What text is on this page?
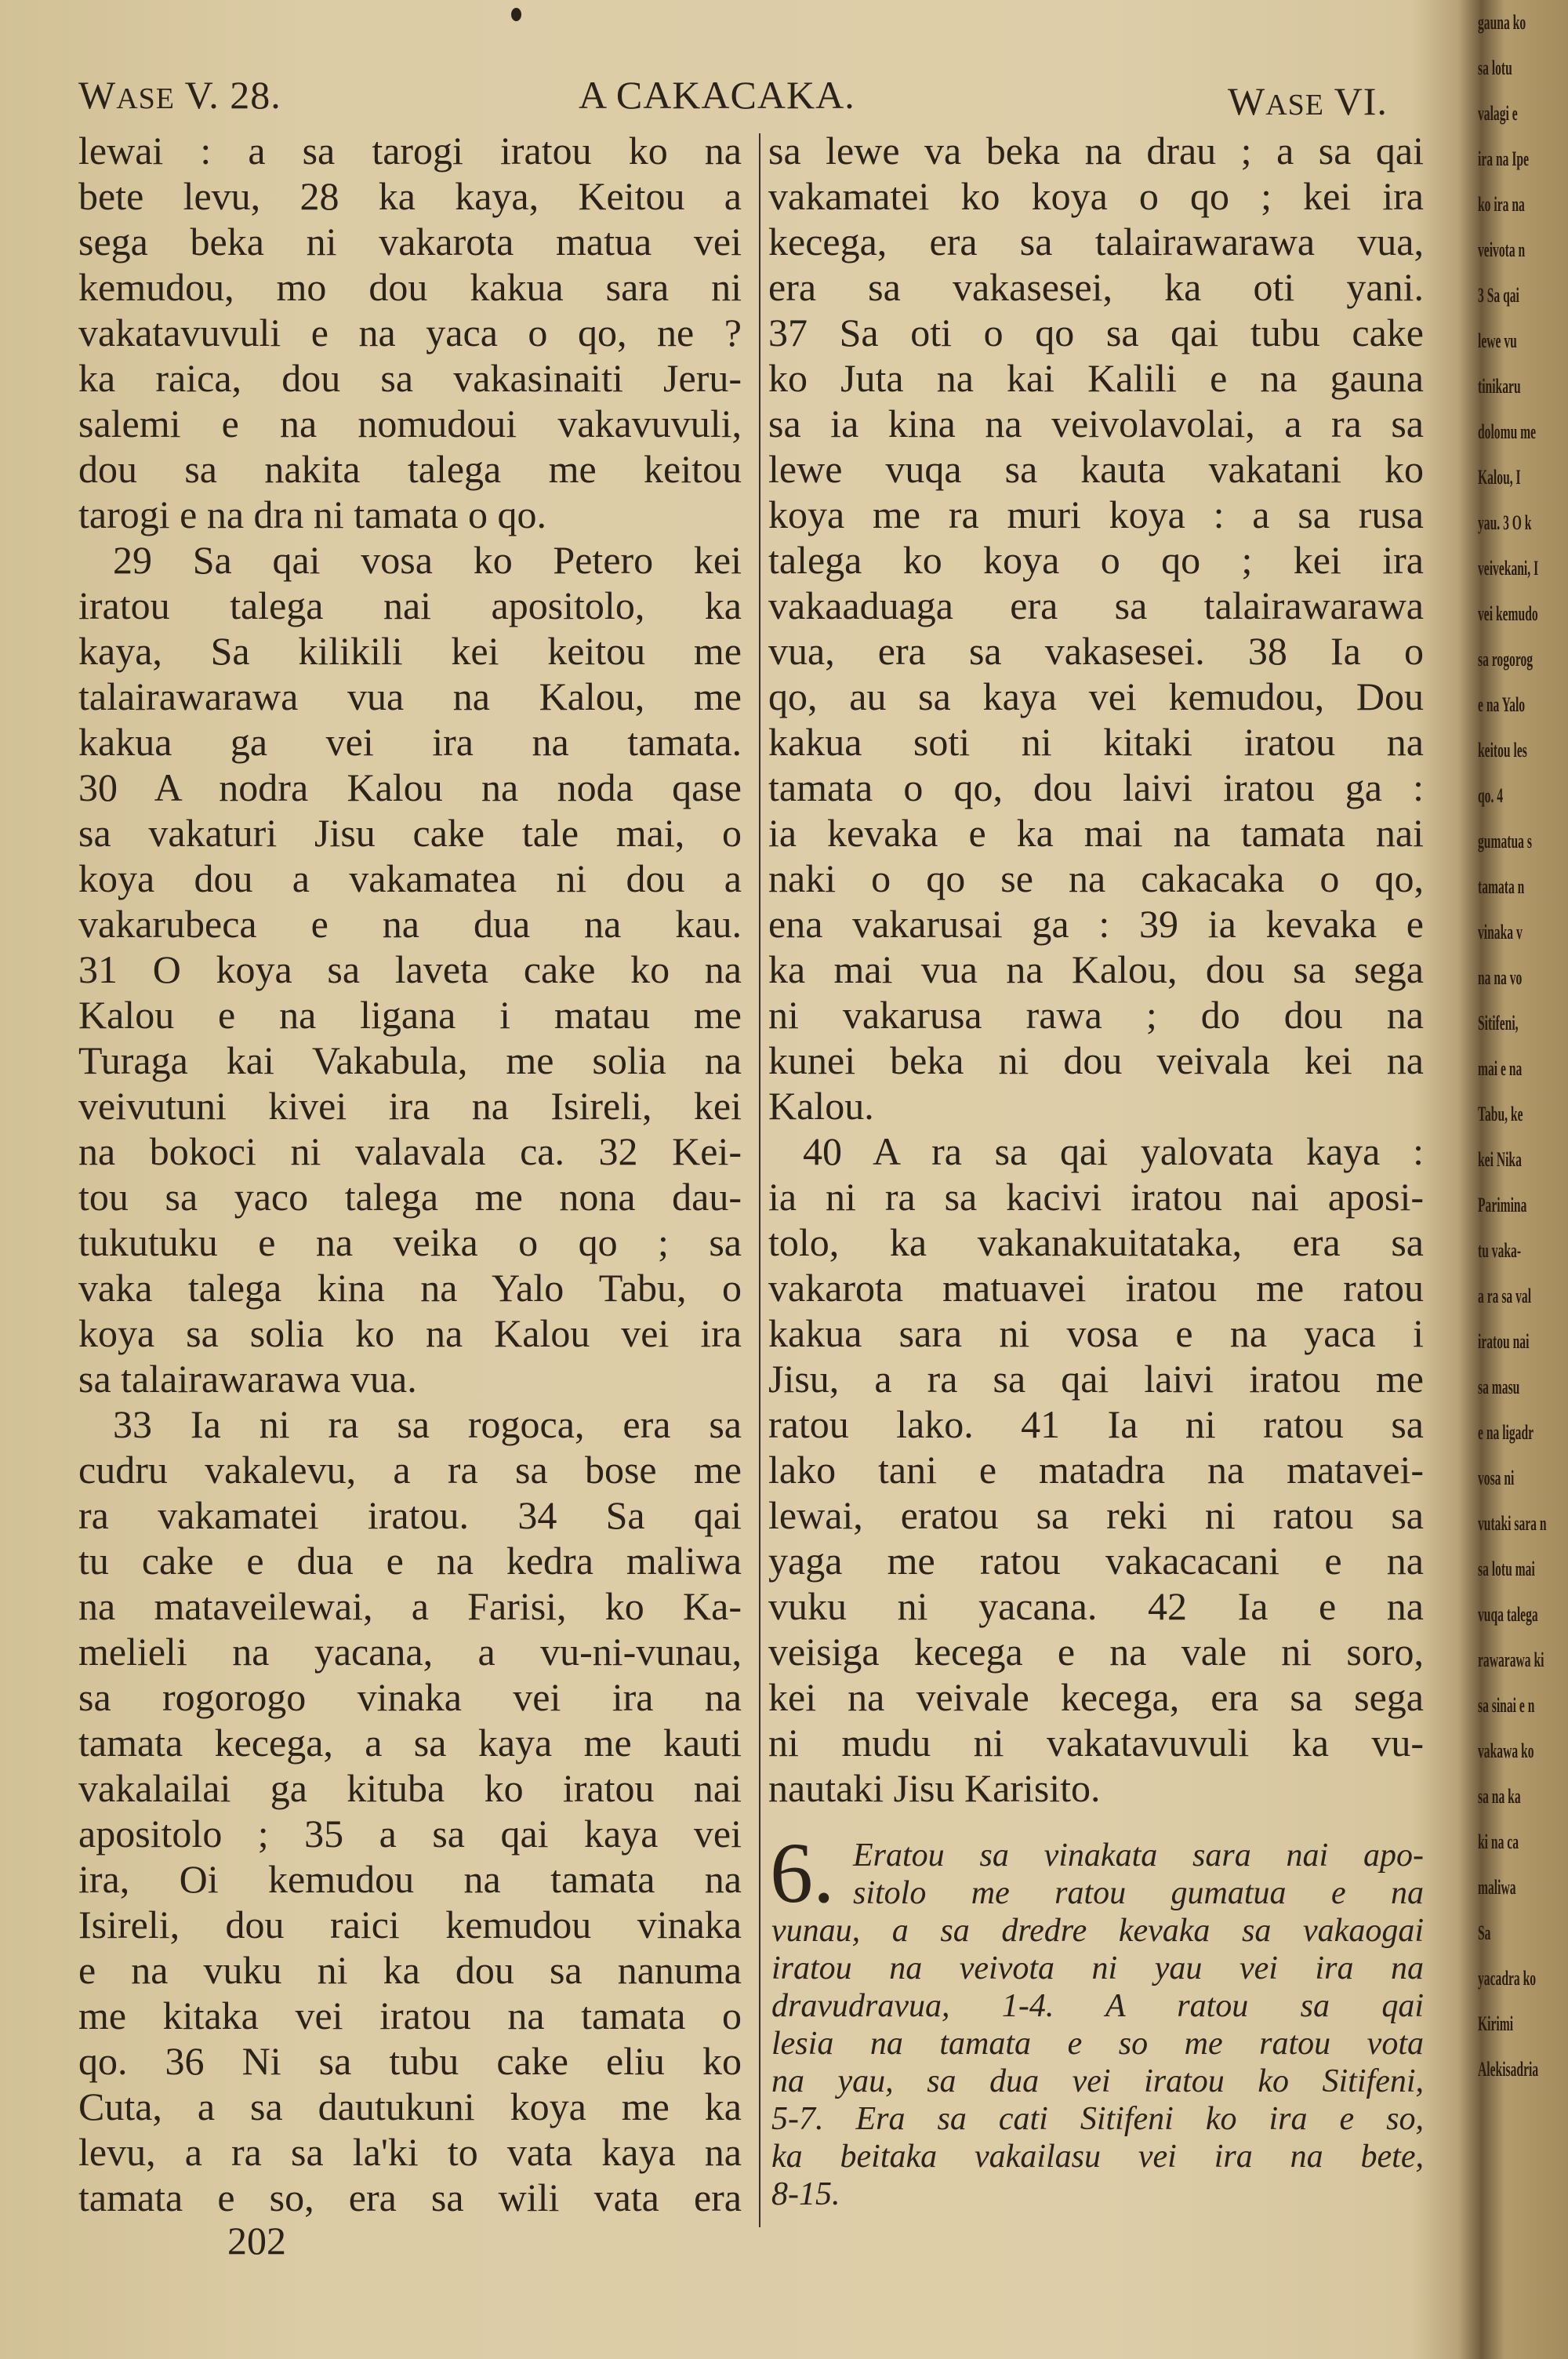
WASE V. 28.	A CAKACAKA.	WASE VI.
lewai : a sa tarogi iratou ko na
bete levu, 28 ka kaya, Keitou a
sega beka ni vakarota matua vei
kemudou, mo dou kakua sara ni
vakatavuvuli e na yaca o qo, ne ?
ka raica, dou sa vakasinaiti Jeru-
salemi e na nomudoui vakavuvuli,
dou sa nakita talega me keitou
tarogi e na dra ni tamata o qo.
29 Sa qai vosa ko Petero kei
iratou talega nai apositolo, ka
kaya, Sa kilikili kei keitou me
talairawarawa vua na Kalou, me
kakua ga vei ira na tamata.
30 A nodra Kalou na noda qase
sa vakaturi Jisu cake tale mai, o
koya dou a vakamatea ni dou a
vakarubeca e na dua na kau.
31 O koya sa laveta cake ko na
Kalou e na ligana i matau me
Turaga kai Vakabula, me solia na
veivutuni kivei ira na Isireli, kei
na bokoci ni valavala ca. 32 Kei-
tou sa yaco talega me nona dau-
tukutuku e na veika o qo ; sa
vaka talega kina na Yalo Tabu, o
koya sa solia ko na Kalou vei ira
sa talairawarawa vua.
33 Ia ni ra sa rogoca, era sa
cudru vakalevu, a ra sa bose me
ra vakamatei iratou. 34 Sa qai
tu cake e dua e na kedra maliwa
na mataveilewai, a Farisi, ko Ka-
melieli na yacana, a vu-ni-vunau,
sa rogorogo vinaka vei ira na
tamata kecega, a sa kaya me kauti
vakalailai ga kituba ko iratou nai
apositolo ; 35 a sa qai kaya vei
ira, Oi kemudou na tamata na
Isireli, dou raici kemudou vinaka
e na vuku ni ka dou sa nanuma
me kitaka vei iratou na tamata o
qo. 36 Ni sa tubu cake eliu ko
Cuta, a sa dautukuni koya me ka
levu, a ra sa la'ki to vata kaya na
tamata e so, era sa wili vata era
sa lewe va beka na drau ; a sa qai
vakamatei ko koya o qo ; kei ira
kecega, era sa talairawarawa vua,
era sa vakasesei, ka oti yani.
37 Sa oti o qo sa qai tubu cake
ko Juta na kai Kalili e na gauna
sa ia kina na veivolavolai, a ra sa
lewe vuqa sa kauta vakatani ko
koya me ra muri koya : a sa rusa
talega ko koya o qo ; kei ira
vakaaduaga era sa talairawarawa
vua, era sa vakasesei. 38 Ia o
qo, au sa kaya vei kemudou, Dou
kakua soti ni kitaki iratou na
tamata o qo, dou laivi iratou ga :
ia kevaka e ka mai na tamata nai
naki o qo se na cakacaka o qo,
ena vakarusai ga : 39 ia kevaka e
ka mai vua na Kalou, dou sa sega
ni vakarusa rawa ; do dou na
kunei beka ni dou veivala kei na
Kalou.
40 A ra sa qai yalovata kaya :
ia ni ra sa kacivi iratou nai aposi-
tolo, ka vakanakuitataka, era sa
vakarota matuavei iratou me ratou
kakua sara ni vosa e na yaca i
Jisu, a ra sa qai laivi iratou me
ratou lako. 41 Ia ni ratou sa
lako tani e matadra na matavei-
lewai, eratou sa reki ni ratou sa
yaga me ratou vakacacani e na
vuku ni yacana. 42 Ia e na
veisiga kecega e na vale ni soro,
kei na veivale kecega, era sa sega
ni mudu ni vakatavuvuli ka vu-
nautaki Jisu Karisito.
6. Eratou sa vinakata sara nai apo-
sitolo me ratou gumatua e na
vunau, a sa dredre kevaka sa vakaogai
iratou na veivota ni yau vei ira na
dravudravua, 1-4. A ratou sa qai
lesia na tamata e so me ratou vota
na yau, sa dua vei iratou ko Sitifeni,
5-7. Era sa cati Sitifeni ko ira e so,
ka beitaka vakailasu vei ira na bete,
8-15.
202
gauna ko
sa lotu
valagi e
ira na Ipe
ko ira na
veivota n
3 Sa qai
lewe vu
tinikaru
dolomu me
Kalou, I
yau. 3 O k
veivekani, I
vei kemudo
sa rogorog
e na Yalo
keitou les
qo. 4
gumatua s
tamata n
vinaka v
na na vo
Sitifeni,
mai e na
Tabu, ke
kei Nika
Parimina
tu vaka-
a ra sa val
iratou nai
sa masu
e na ligadr
vosa ni
vutaki sara n
sa lotu mai
vuqa talega
rawarawa ki
sa sinai e n
vakawa ko
sa na ka
ki na ca
maliwa
Sa
yacadra ko
Kirimi
Alekisadria
